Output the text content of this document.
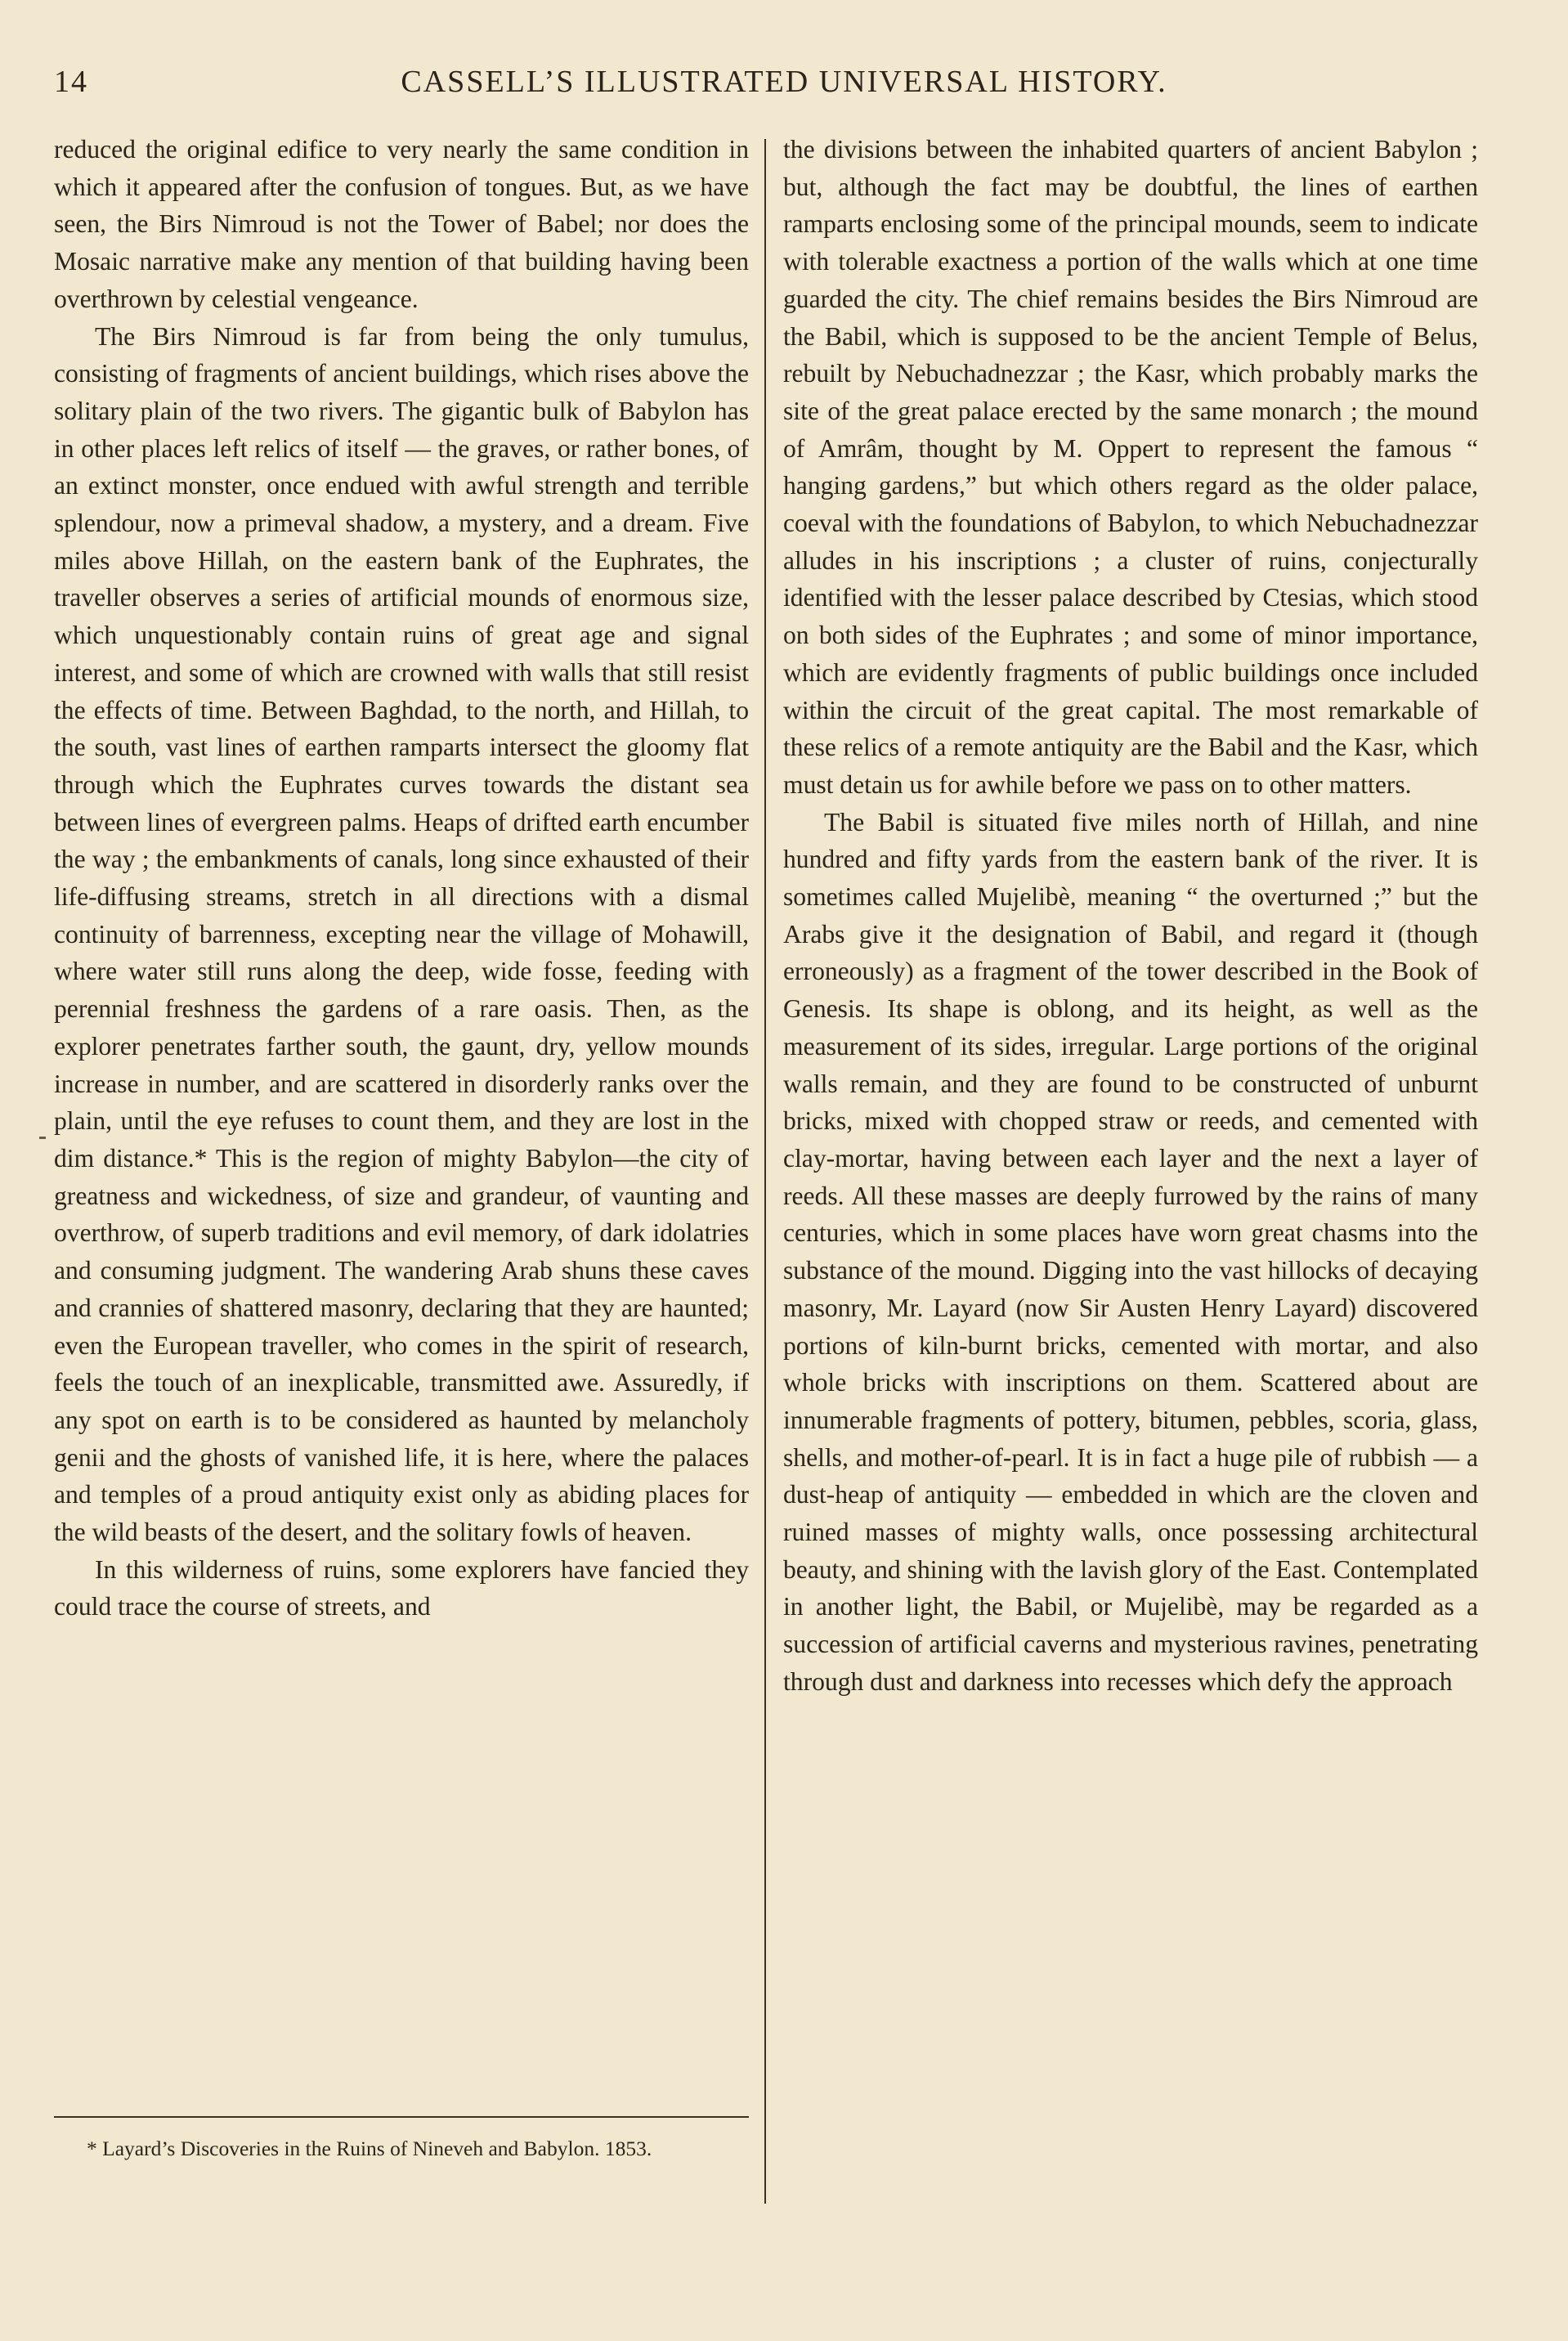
14	CASSELL’S ILLUSTRATED UNIVERSAL HISTORY.

reduced the original edifice to very nearly the same condition in which it appeared after the confusion of tongues. But, as we have seen, the Birs Nimroud is not the Tower of Babel; nor does the Mosaic narrative make any mention of that building having been overthrown by celestial vengeance.

The Birs Nimroud is far from being the only tumulus, consisting of fragments of ancient buildings, which rises above the solitary plain of the two rivers. The gigantic bulk of Babylon has in other places left relics of itself — the graves, or rather bones, of an extinct monster, once endued with awful strength and terrible splendour, now a primeval shadow, a mystery, and a dream. Five miles above Hillah, on the eastern bank of the Euphrates, the traveller observes a series of artificial mounds of enormous size, which unquestionably contain ruins of great age and signal interest, and some of which are crowned with walls that still resist the effects of time. Between Baghdad, to the north, and Hillah, to the south, vast lines of earthen ramparts intersect the gloomy flat through which the Euphrates curves towards the distant sea between lines of evergreen palms. Heaps of drifted earth encumber the way ; the embankments of canals, long since exhausted of their life-diffusing streams, stretch in all directions with a dismal continuity of barrenness, excepting near the village of Mohawill, where water still runs along the deep, wide fosse, feeding with perennial freshness the gardens of a rare oasis. Then, as the explorer penetrates farther south, the gaunt, dry, yellow mounds increase in number, and are scattered in disorderly ranks over the plain, until the eye refuses to count them, and they are lost in the dim distance.* This is the region of mighty Babylon—the city of greatness and wickedness, of size and grandeur, of vaunting and overthrow, of superb traditions and evil memory, of dark idolatries and consuming judgment. The wandering Arab shuns these caves and crannies of shattered masonry, declaring that they are haunted; even the European traveller, who comes in the spirit of research, feels the touch of an inexplicable, transmitted awe. Assuredly, if any spot on earth is to be considered as haunted by melancholy genii and the ghosts of vanished life, it is here, where the palaces and temples of a proud antiquity exist only as abiding places for the wild beasts of the desert, and the solitary fowls of heaven.

In this wilderness of ruins, some explorers have fancied they could trace the course of streets, and

the divisions between the inhabited quarters of ancient Babylon ; but, although the fact may be doubtful, the lines of earthen ramparts enclosing some of the principal mounds, seem to indicate with tolerable exactness a portion of the walls which at one time guarded the city. The chief remains besides the Birs Nimroud are the Babil, which is supposed to be the ancient Temple of Belus, rebuilt by Nebuchadnezzar ; the Kasr, which probably marks the site of the great palace erected by the same monarch ; the mound of Amrâm, thought by M. Oppert to represent the famous “ hanging gardens,” but which others regard as the older palace, coeval with the foundations of Babylon, to which Nebuchadnezzar alludes in his inscriptions ; a cluster of ruins, conjecturally identified with the lesser palace described by Ctesias, which stood on both sides of the Euphrates ; and some of minor importance, which are evidently fragments of public buildings once included within the circuit of the great capital. The most remarkable of these relics of a remote antiquity are the Babil and the Kasr, which must detain us for awhile before we pass on to other matters.

The Babil is situated five miles north of Hillah, and nine hundred and fifty yards from the eastern bank of the river. It is sometimes called Mujelibè, meaning “ the overturned ;” but the Arabs give it the designation of Babil, and regard it (though erroneously) as a fragment of the tower described in the Book of Genesis. Its shape is oblong, and its height, as well as the measurement of its sides, irregular. Large portions of the original walls remain, and they are found to be constructed of unburnt bricks, mixed with chopped straw or reeds, and cemented with clay-mortar, having between each layer and the next a layer of reeds. All these masses are deeply furrowed by the rains of many centuries, which in some places have worn great chasms into the substance of the mound. Digging into the vast hillocks of decaying masonry, Mr. Layard (now Sir Austen Henry Layard) discovered portions of kiln-burnt bricks, cemented with mortar, and also whole bricks with inscriptions on them. Scattered about are innumerable fragments of pottery, bitumen, pebbles, scoria, glass, shells, and mother-of-pearl. It is in fact a huge pile of rubbish — a dust-heap of antiquity — embedded in which are the cloven and ruined masses of mighty walls, once possessing architectural beauty, and shining with the lavish glory of the East. Contemplated in another light, the Babil, or Mujelibè, may be regarded as a succession of artificial caverns and mysterious ravines, penetrating through dust and darkness into recesses which defy the approach

* Layard’s Discoveries in the Ruins of Nineveh and Babylon. 1853.
